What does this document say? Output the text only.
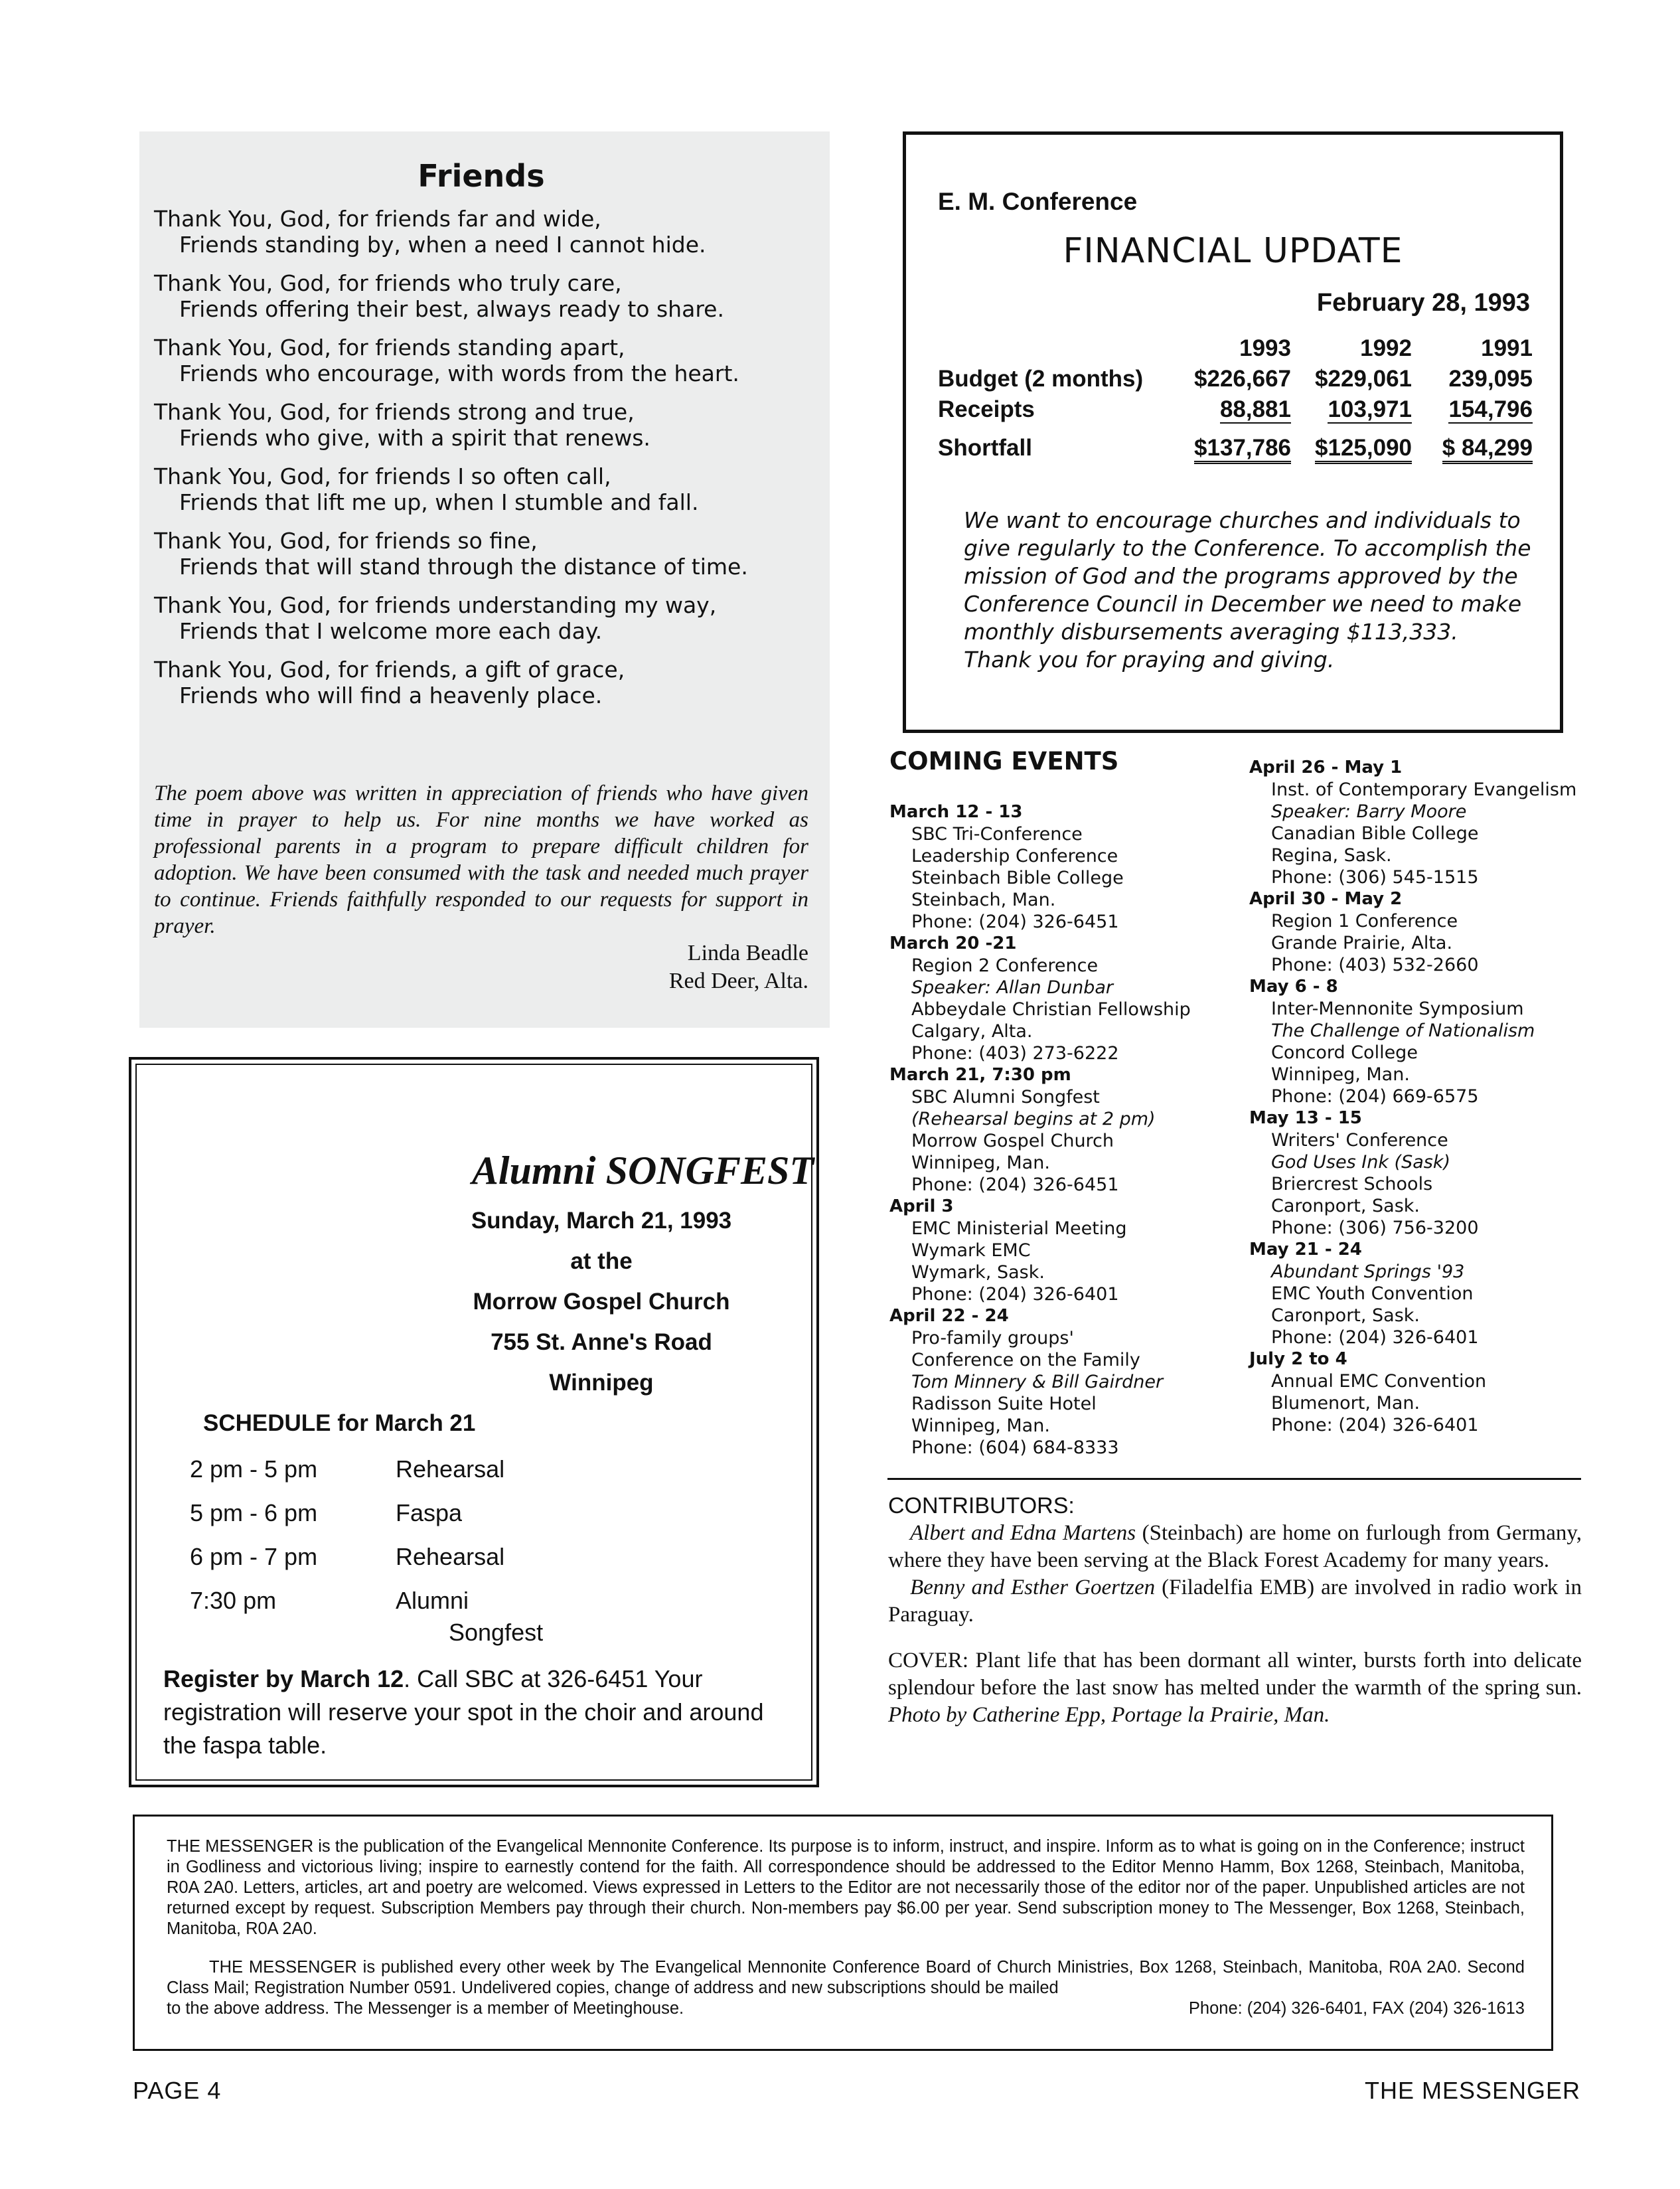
Friends
Thank You, God, for friends far and wide,
Friends standing by, when a need I cannot hide.
Thank You, God, for friends who truly care,
Friends offering their best, always ready to share.
Thank You, God, for friends standing apart,
Friends who encourage, with words from the heart.
Thank You, God, for friends strong and true,
Friends who give, with a spirit that renews.
Thank You, God, for friends I so often call,
Friends that lift me up, when I stumble and fall.
Thank You, God, for friends so fine,
Friends that will stand through the distance of time.
Thank You, God, for friends understanding my way,
Friends that I welcome more each day.
Thank You, God, for friends, a gift of grace,
Friends who will find a heavenly place.
The poem above was written in appreciation of friends who have given time in prayer to help us. For nine months we have worked as professional parents in a program to prepare difficult children for adoption. We have been consumed with the task and needed much prayer to continue. Friends faithfully responded to our requests for support in prayer.
Linda Beadle
Red Deer, Alta.
Alumni SONGFEST
Sunday, March 21, 1993
at the
Morrow Gospel Church
755 St. Anne's Road
Winnipeg
SCHEDULE for March 21
2 pm - 5 pm	Rehearsal
5 pm - 6 pm	Faspa
6 pm - 7 pm	Rehearsal
7:30 pm	Alumni
Songfest
Register by March 12. Call SBC at 326-6451 Your registration will reserve your spot in the choir and around the faspa table.
E. M. Conference
FINANCIAL UPDATE
February 28, 1993
	1993	1992	1991
Budget (2 months)	$226,667	$229,061	239,095
Receipts	88,881	103,971	154,796
Shortfall	$137,786	$125,090	$ 84,299
We want to encourage churches and individuals to give regularly to the Conference. To accomplish the mission of God and the programs approved by the Conference Council in December we need to make monthly disbursements averaging $113,333.
Thank you for praying and giving.
COMING EVENTS
March 12 - 13
SBC Tri-Conference
Leadership Conference
Steinbach Bible College
Steinbach, Man.
Phone: (204) 326-6451
March 20 -21
Region 2 Conference
Speaker: Allan Dunbar
Abbeydale Christian Fellowship
Calgary, Alta.
Phone: (403) 273-6222
March 21, 7:30 pm
SBC Alumni Songfest
(Rehearsal begins at 2 pm)
Morrow Gospel Church
Winnipeg, Man.
Phone: (204) 326-6451
April 3
EMC Ministerial Meeting
Wymark EMC
Wymark, Sask.
Phone: (204) 326-6401
April 22 - 24
Pro-family groups'
Conference on the Family
Tom Minnery & Bill Gairdner
Radisson Suite Hotel
Winnipeg, Man.
Phone: (604) 684-8333
April 26 - May 1
Inst. of Contemporary Evangelism
Speaker: Barry Moore
Canadian Bible College
Regina, Sask.
Phone: (306) 545-1515
April 30 - May 2
Region 1 Conference
Grande Prairie, Alta.
Phone: (403) 532-2660
May 6 - 8
Inter-Mennonite Symposium
The Challenge of Nationalism
Concord College
Winnipeg, Man.
Phone: (204) 669-6575
May 13 - 15
Writers' Conference
God Uses Ink (Sask)
Briercrest Schools
Caronport, Sask.
Phone: (306) 756-3200
May 21 - 24
Abundant Springs '93
EMC Youth Convention
Caronport, Sask.
Phone: (204) 326-6401
July 2 to 4
Annual EMC Convention
Blumenort, Man.
Phone: (204) 326-6401
CONTRIBUTORS:

Albert and Edna Martens (Steinbach) are home on furlough from Germany, where they have been serving at the Black Forest Academy for many years.

Benny and Esther Goertzen (Filadelfia EMB) are involved in radio work in Paraguay.

COVER: Plant life that has been dormant all winter, bursts forth into delicate splendour before the last snow has melted under the warmth of the spring sun. Photo by Catherine Epp, Portage la Prairie, Man.

THE MESSENGER is the publication of the Evangelical Mennonite Conference. Its purpose is to inform, instruct, and inspire. Inform as to what is going on in the Conference; instruct in Godliness and victorious living; inspire to earnestly contend for the faith. All correspondence should be addressed to the Editor Menno Hamm, Box 1268, Steinbach, Manitoba, R0A 2A0. Letters, articles, art and poetry are welcomed. Views expressed in Letters to the Editor are not necessarily those of the editor nor of the paper. Unpublished articles are not returned except by request. Subscription Members pay through their church. Non-members pay $6.00 per year. Send subscription money to The Messenger, Box 1268, Steinbach, Manitoba, R0A 2A0.

THE MESSENGER is published every other week by The Evangelical Mennonite Conference Board of Church Ministries, Box 1268, Steinbach, Manitoba, R0A 2A0. Second Class Mail; Registration Number 0591. Undelivered copies, change of address and new subscriptions should be mailed

to the above address. The Messenger is a member of Meetinghouse.	Phone: (204) 326-6401, FAX (204) 326-1613
PAGE 4	THE MESSENGER
